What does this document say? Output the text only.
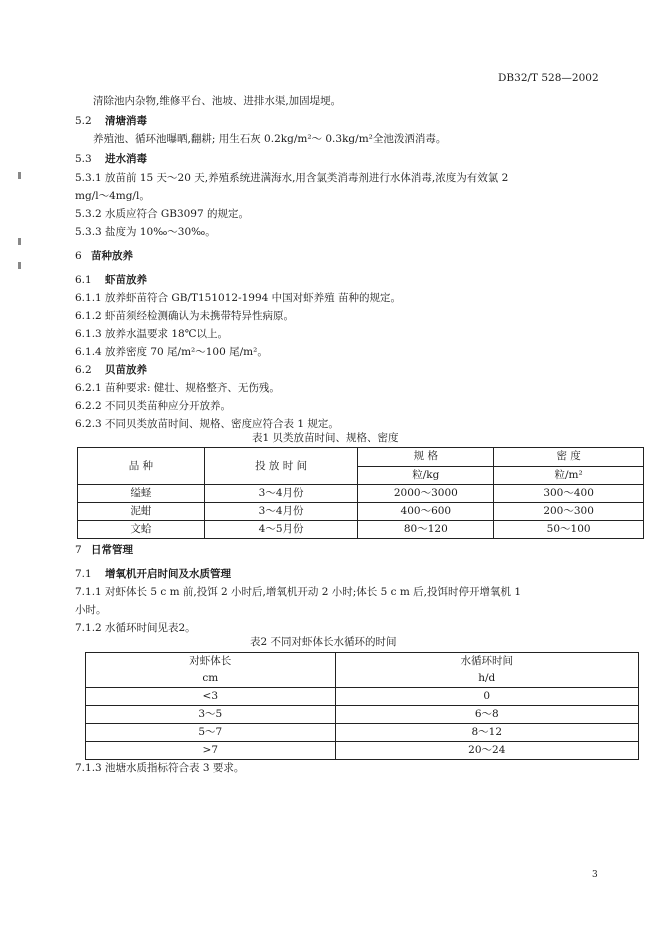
DB32/T 528—2002
清除池内杂物,维修平台、池坡、进排水渠,加固堤埂。
5.2 清塘消毒
养殖池、循环池曝晒,翻耕; 用生石灰 0.2kg/m²～ 0.3kg/m²全池泼洒消毒。
5.3 进水消毒
5.3.1 放苗前 15 天～20 天,养殖系统进满海水,用含氯类消毒剂进行水体消毒,浓度为有效氯 2
mg/l～4mg/l。
5.3.2 水质应符合 GB3097 的规定。
5.3.3 盐度为 10‰～30‰。
6 苗种放养
6.1 虾苗放养
6.1.1 放养虾苗符合 GB/T151012-1994 中国对虾养殖 苗种的规定。
6.1.2 虾苗须经检测确认为未携带特异性病原。
6.1.3 放养水温要求 18℃以上。
6.1.4 放养密度 70 尾/m²～100 尾/m²。
6.2 贝苗放养
6.2.1 苗种要求: 健壮、规格整齐、无伤残。
6.2.2 不同贝类苗种应分开放养。
6.2.3 不同贝类放苗时间、规格、密度应符合表 1 规定。
表1 贝类放苗时间、规格、密度
品 种	投 放 时 间	规 格	密 度
		粒/kg	粒/m²
缢蛏	3～4月份	2000～3000	300～400
泥蚶	3～4月份	400～600	200～300
文蛤	4～5月份	80～120	50～100
7 日常管理
7.1 增氧机开启时间及水质管理
7.1.1 对虾体长 5 c m 前,投饵 2 小时后,增氧机开动 2 小时;体长 5 c m 后,投饵时停开增氧机 1
小时。
7.1.2 水循环时间见表2。
表2 不同对虾体长水循环的时间
对虾体长	水循环时间
cm	h/d
<3	0
3～5	6～8
5～7	8～12
>7	20～24
7.1.3 池塘水质指标符合表 3 要求。
3
